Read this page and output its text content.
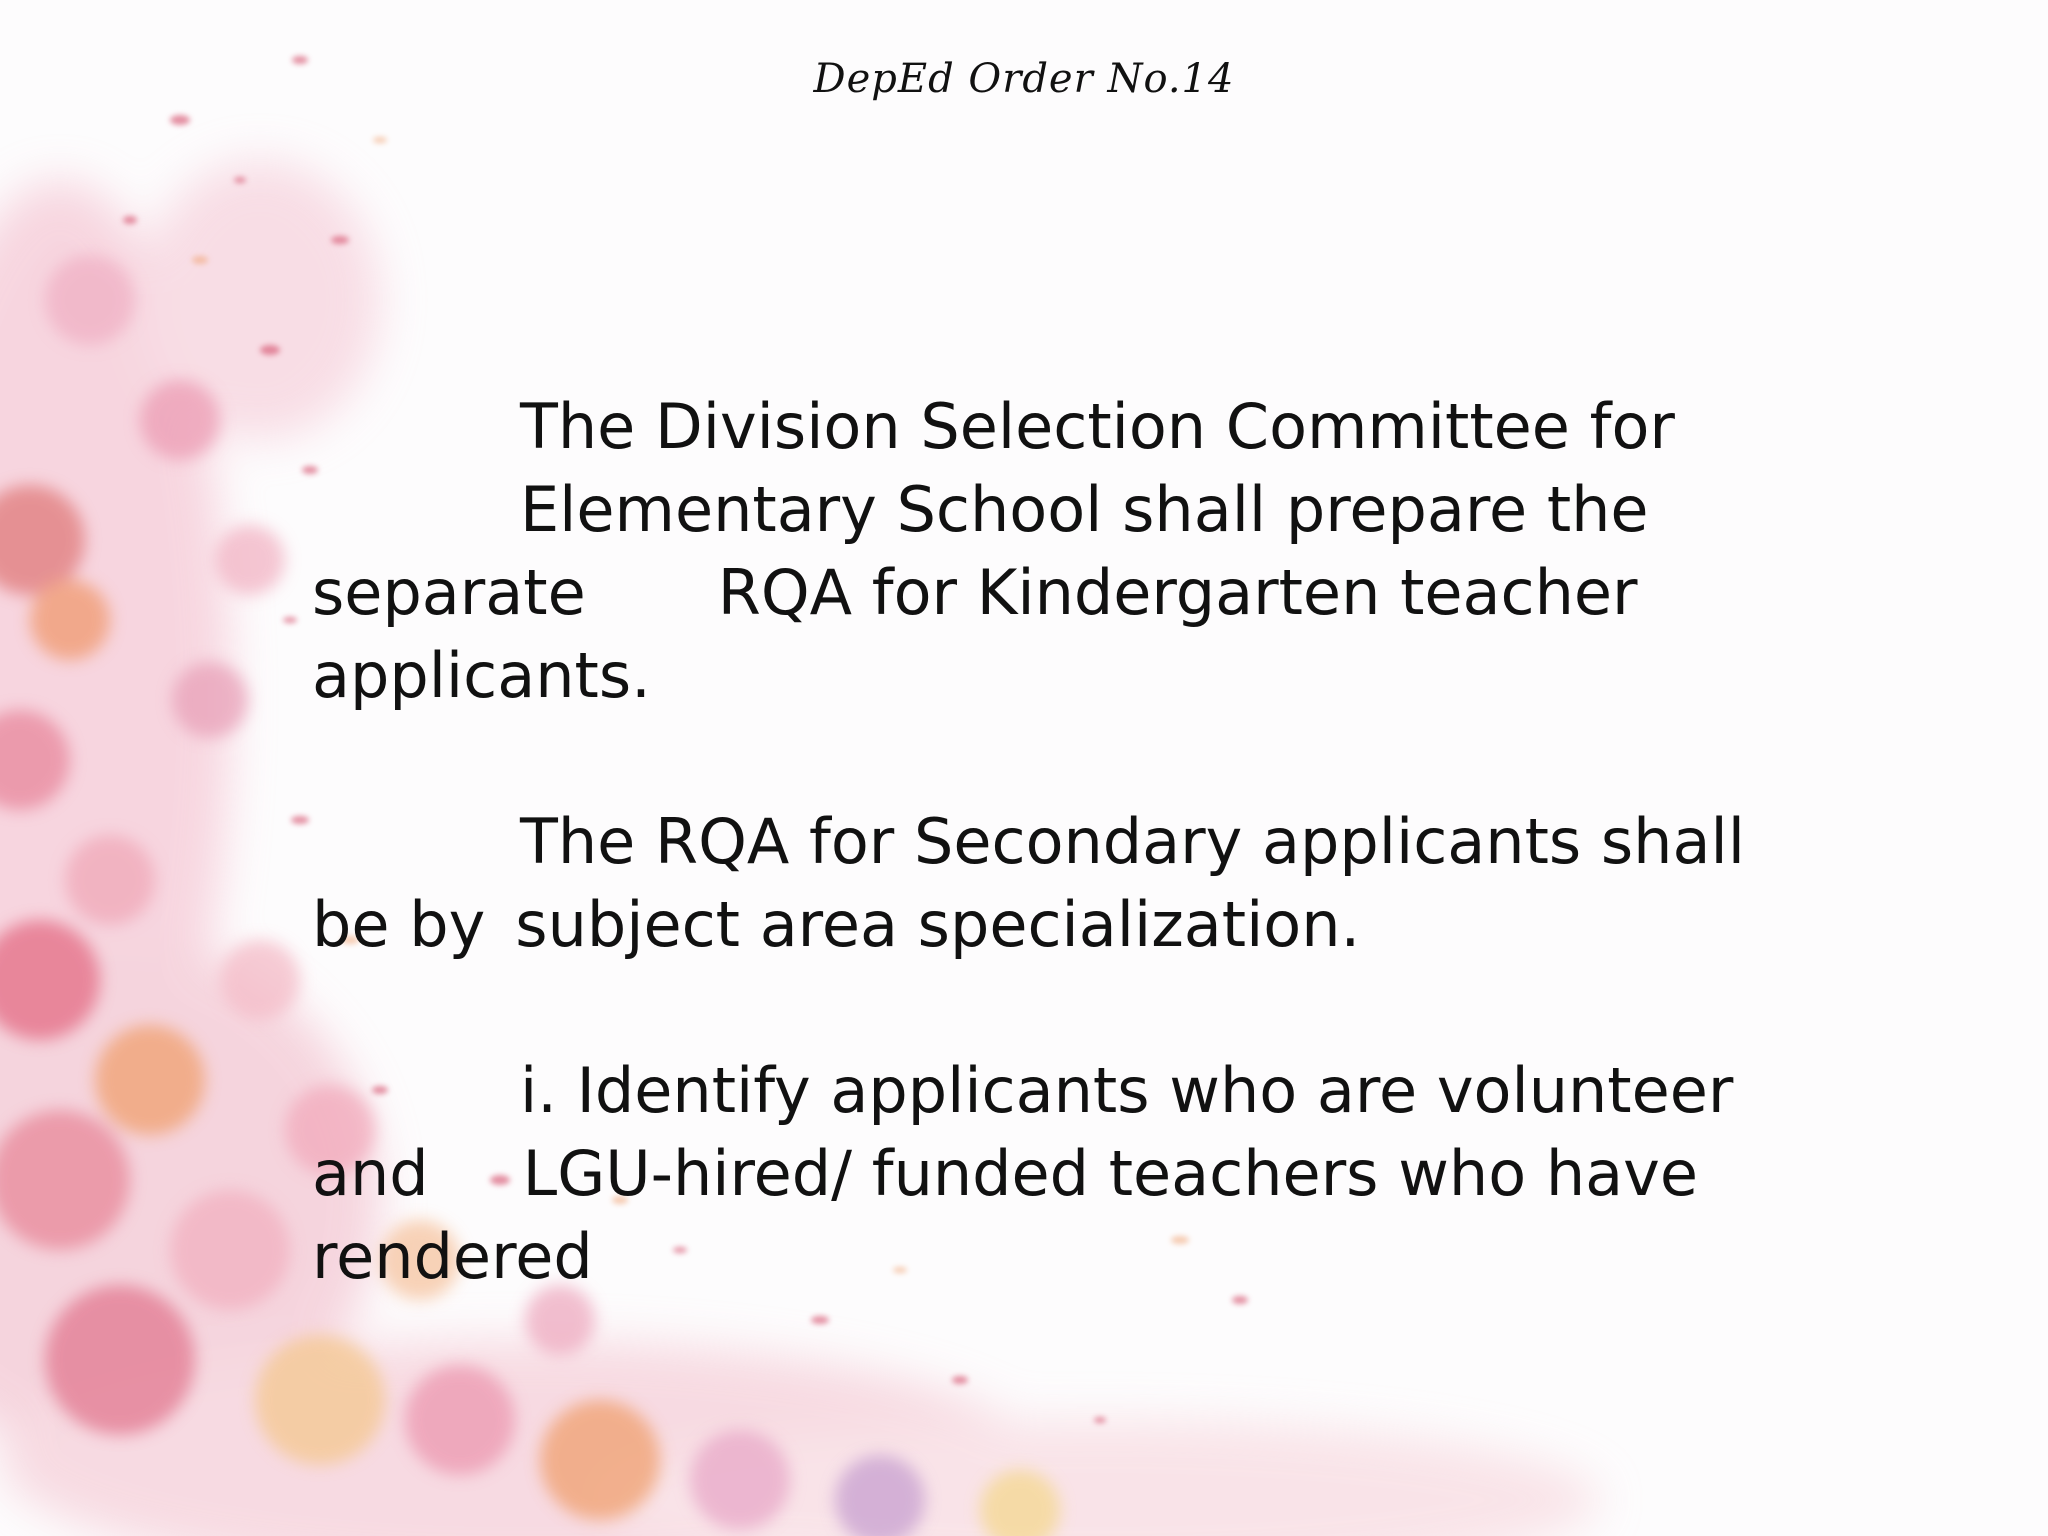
DepEd Order No.14
The Division Selection Committee for
Elementary School shall prepare the
separate RQA for Kindergarten teacher
applicants.
The RQA for Secondary applicants shall
be by subject area specialization.
i. Identify applicants who are volunteer
and LGU-hired/ funded teachers who have
rendered
